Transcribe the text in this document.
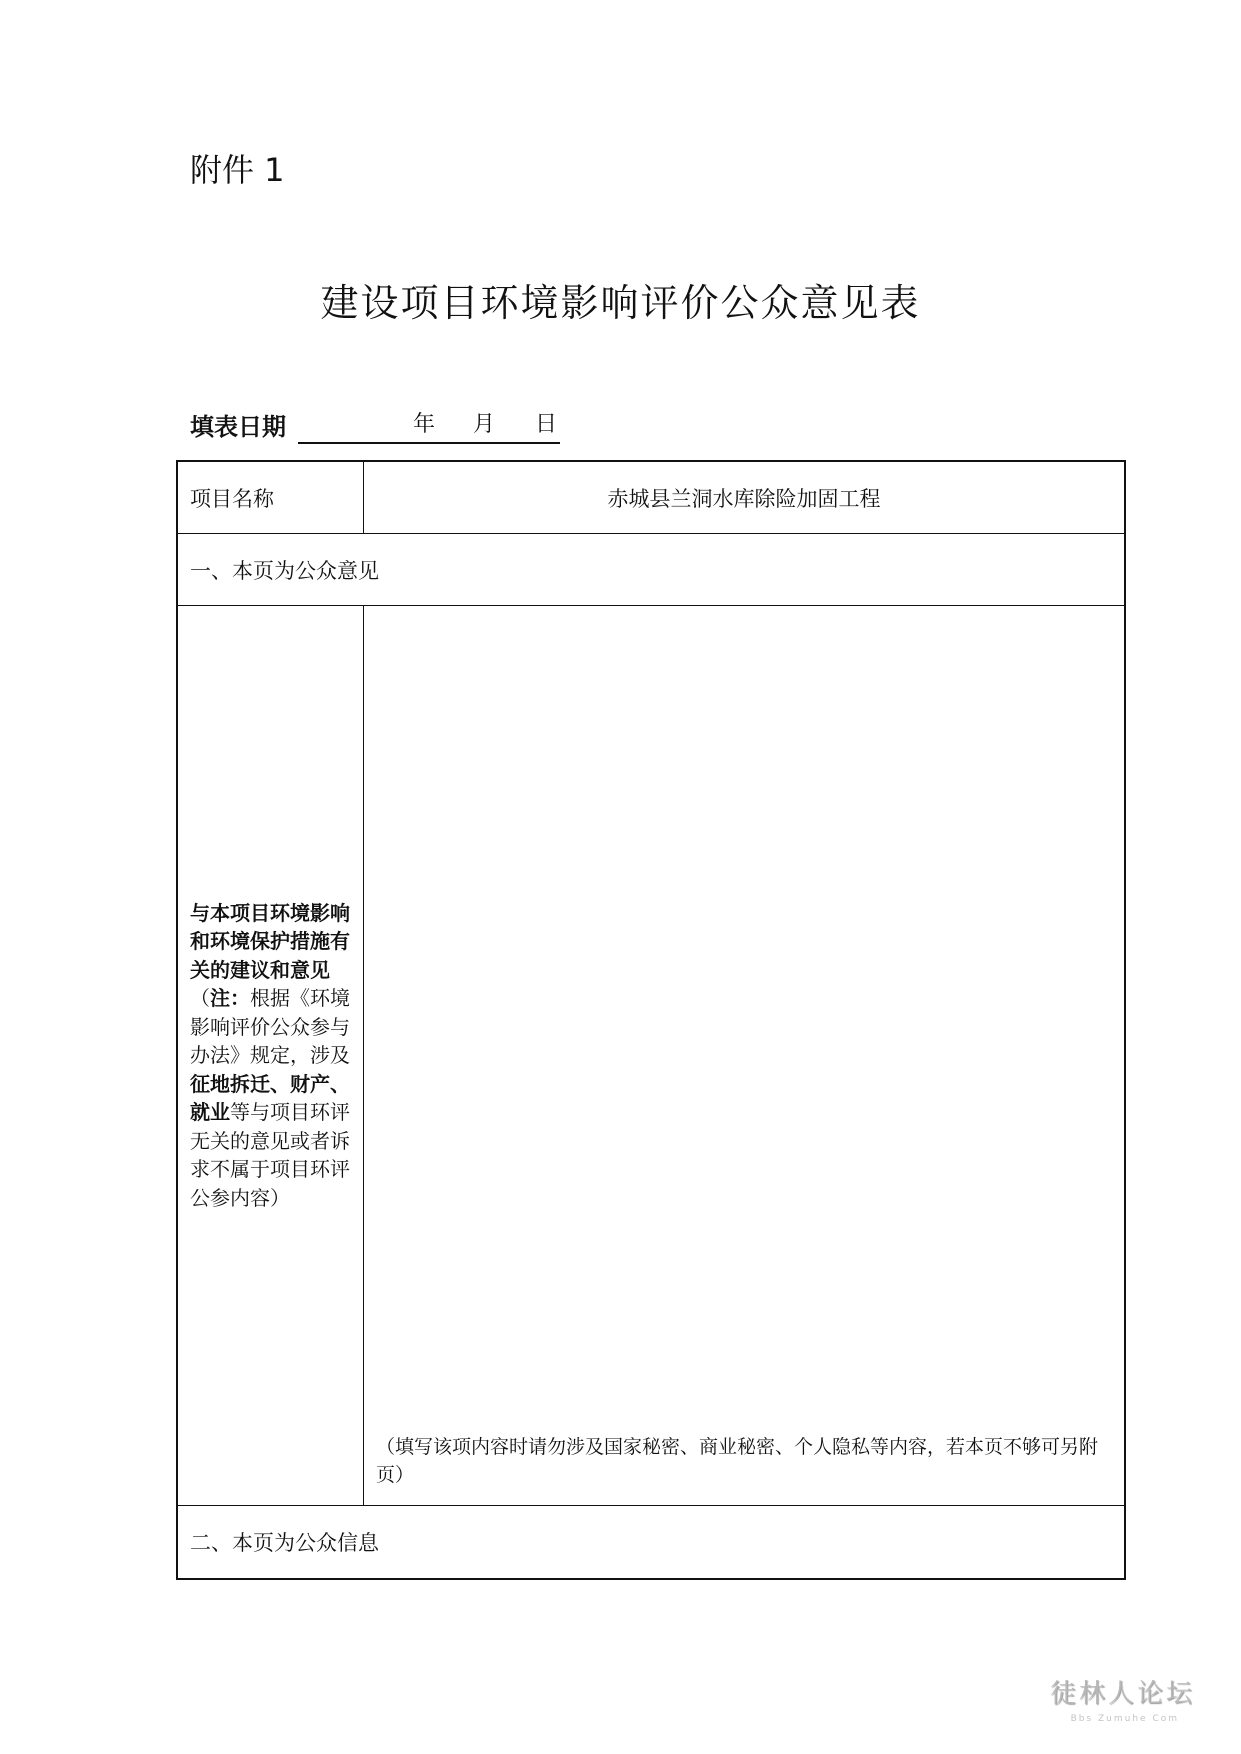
附件 1
建设项目环境影响评价公众意见表
填表日期	年 月 日
项目名称	赤城县兰洞水库除险加固工程
一、本页为公众意见
与本项目环境影响和环境保护措施有关的建议和意见（注：根据《环境影响评价公众参与办法》规定，涉及征地拆迁、财产、就业等与项目环评无关的意见或者诉求不属于项目环评公参内容）
（填写该项内容时请勿涉及国家秘密、商业秘密、个人隐私等内容，若本页不够可另附页）
二、本页为公众信息
徒林人论坛
Bbs Zumuhe Com
